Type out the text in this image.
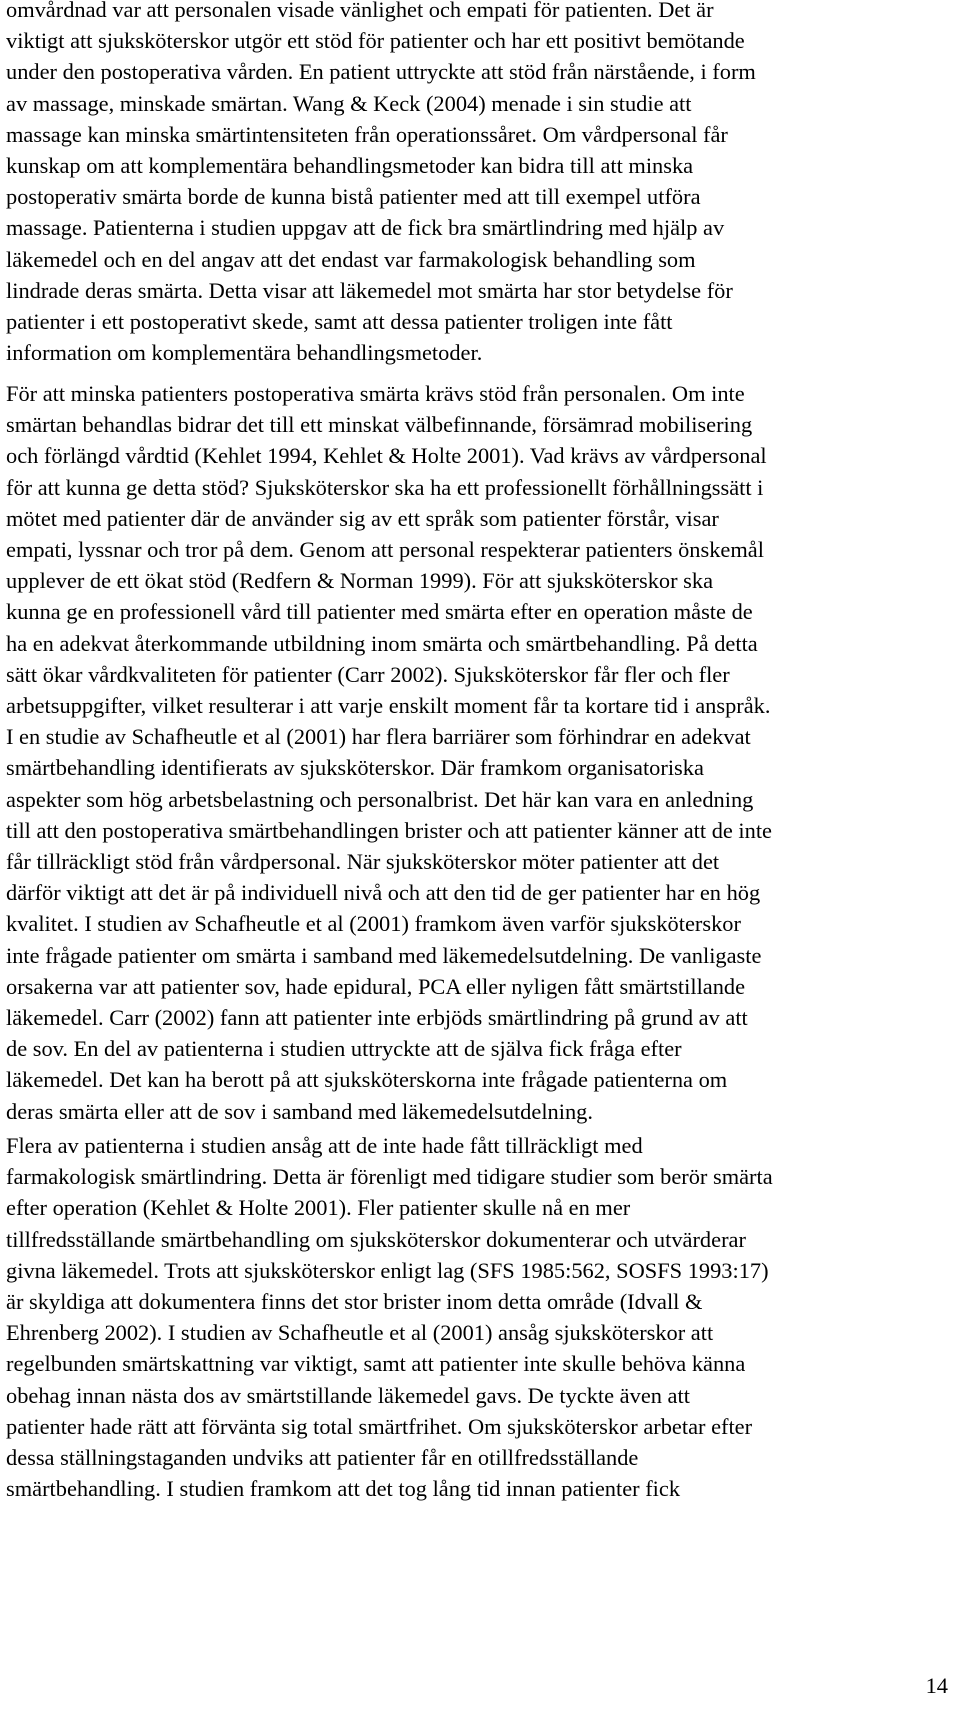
omvårdnad var att personalen visade vänlighet och empati för patienten. Det är
viktigt att sjuksköterskor utgör ett stöd för patienter och har ett positivt bemötande
under den postoperativa vården. En patient uttryckte att stöd från närstående, i form
av massage, minskade smärtan. Wang & Keck (2004) menade i sin studie att
massage kan minska smärtintensiteten från operationssåret. Om vårdpersonal får
kunskap om att komplementära behandlingsmetoder kan bidra till att minska
postoperativ smärta borde de kunna bistå patienter med att till exempel utföra
massage. Patienterna i studien uppgav att de fick bra smärtlindring med hjälp av
läkemedel och en del angav att det endast var farmakologisk behandling som
lindrade deras smärta. Detta visar att läkemedel mot smärta har stor betydelse för
patienter i ett postoperativt skede, samt att dessa patienter troligen inte fått
information om komplementära behandlingsmetoder.
För att minska patienters postoperativa smärta krävs stöd från personalen. Om inte
smärtan behandlas bidrar det till ett minskat välbefinnande, försämrad mobilisering
och förlängd vårdtid (Kehlet 1994, Kehlet & Holte 2001). Vad krävs av vårdpersonal
för att kunna ge detta stöd? Sjuksköterskor ska ha ett professionellt förhållningssätt i
mötet med patienter där de använder sig av ett språk som patienter förstår, visar
empati, lyssnar och tror på dem. Genom att personal respekterar patienters önskemål
upplever de ett ökat stöd (Redfern & Norman 1999). För att sjuksköterskor ska
kunna ge en professionell vård till patienter med smärta efter en operation måste de
ha en adekvat återkommande utbildning inom smärta och smärtbehandling. På detta
sätt ökar vårdkvaliteten för patienter (Carr 2002). Sjuksköterskor får fler och fler
arbetsuppgifter, vilket resulterar i att varje enskilt moment får ta kortare tid i anspråk.
I en studie av Schafheutle et al (2001) har flera barriärer som förhindrar en adekvat
smärtbehandling identifierats av sjuksköterskor. Där framkom organisatoriska
aspekter som hög arbetsbelastning och personalbrist. Det här kan vara en anledning
till att den postoperativa smärtbehandlingen brister och att patienter känner att de inte
får tillräckligt stöd från vårdpersonal. När sjuksköterskor möter patienter att det
därför viktigt att det är på individuell nivå och att den tid de ger patienter har en hög
kvalitet. I studien av Schafheutle et al (2001) framkom även varför sjuksköterskor
inte frågade patienter om smärta i samband med läkemedelsutdelning. De vanligaste
orsakerna var att patienter sov, hade epidural, PCA eller nyligen fått smärtstillande
läkemedel. Carr (2002) fann att patienter inte erbjöds smärtlindring på grund av att
de sov. En del av patienterna i studien uttryckte att de själva fick fråga efter
läkemedel. Det kan ha berott på att sjuksköterskorna inte frågade patienterna om
deras smärta eller att de sov i samband med läkemedelsutdelning.
Flera av patienterna i studien ansåg att de inte hade fått tillräckligt med
farmakologisk smärtlindring. Detta är förenligt med tidigare studier som berör smärta
efter operation (Kehlet & Holte 2001). Fler patienter skulle nå en mer
tillfredsställande smärtbehandling om sjuksköterskor dokumenterar och utvärderar
givna läkemedel. Trots att sjuksköterskor enligt lag (SFS 1985:562, SOSFS 1993:17)
är skyldiga att dokumentera finns det stor brister inom detta område (Idvall &
Ehrenberg 2002). I studien av Schafheutle et al (2001) ansåg sjuksköterskor att
regelbunden smärtskattning var viktigt, samt att patienter inte skulle behöva känna
obehag innan nästa dos av smärtstillande läkemedel gavs. De tyckte även att
patienter hade rätt att förvänta sig total smärtfrihet. Om sjuksköterskor arbetar efter
dessa ställningstaganden undviks att patienter får en otillfredsställande
smärtbehandling. I studien framkom att det tog lång tid innan patienter fick
14
